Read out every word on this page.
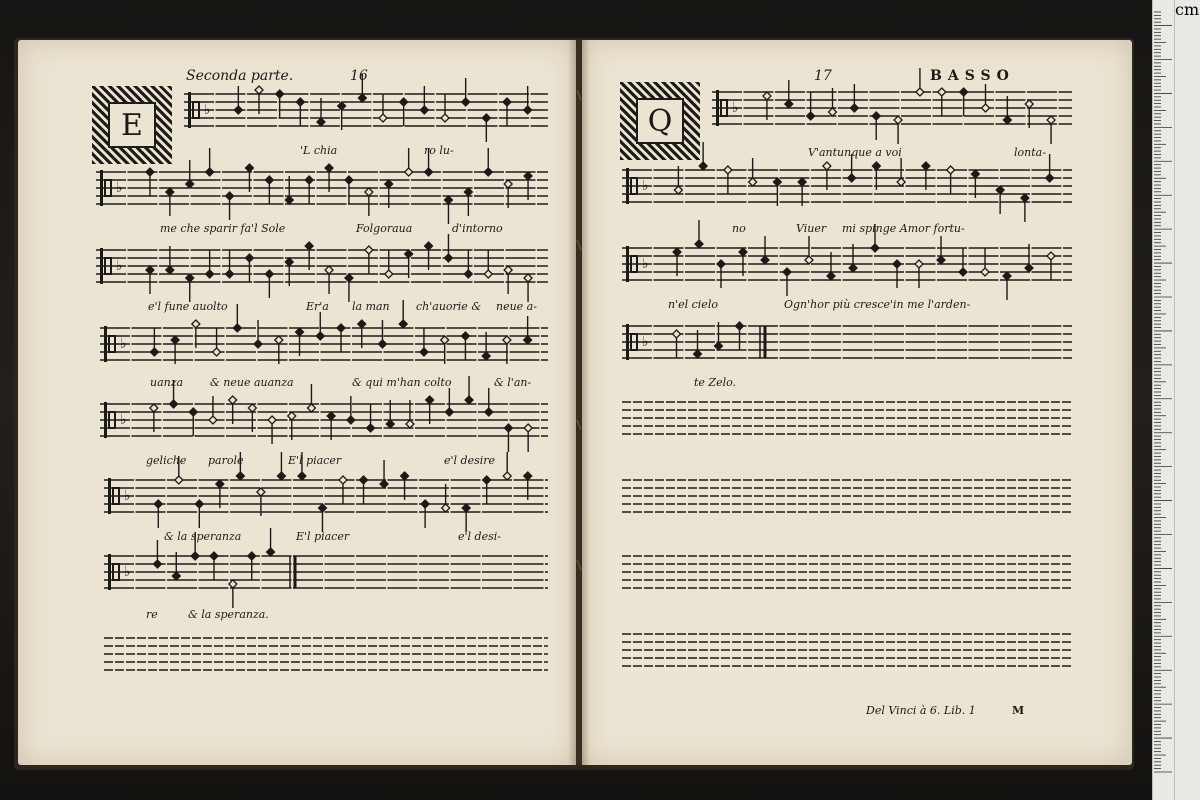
Seconda parte.	16	17	BASSO
E	Q
♭
♭
♭
♭
♭
♭
♭
♭
♭
♭
♭
'L chia	ro lu-
me che sparir fa'l Sole	Folgoraua	d'intorno
e'l fune auolto	Er'a la man ch'auorie & neue a-
uanza & neue auanza	& qui m'han colto	& l'an-
geliche parole	E'l piacer	e'l desire
& la speranza	E'l piacer	e'l desi-
re	& la speranza.
V'antunque a voi	lonta-
no	Viuer mi spinge Amor fortu-
n'el cielo	Ogn'hor più cresce'in me l'arden-
te Zelo.
Del Vinci à 6. Lib. 1	M
cm
